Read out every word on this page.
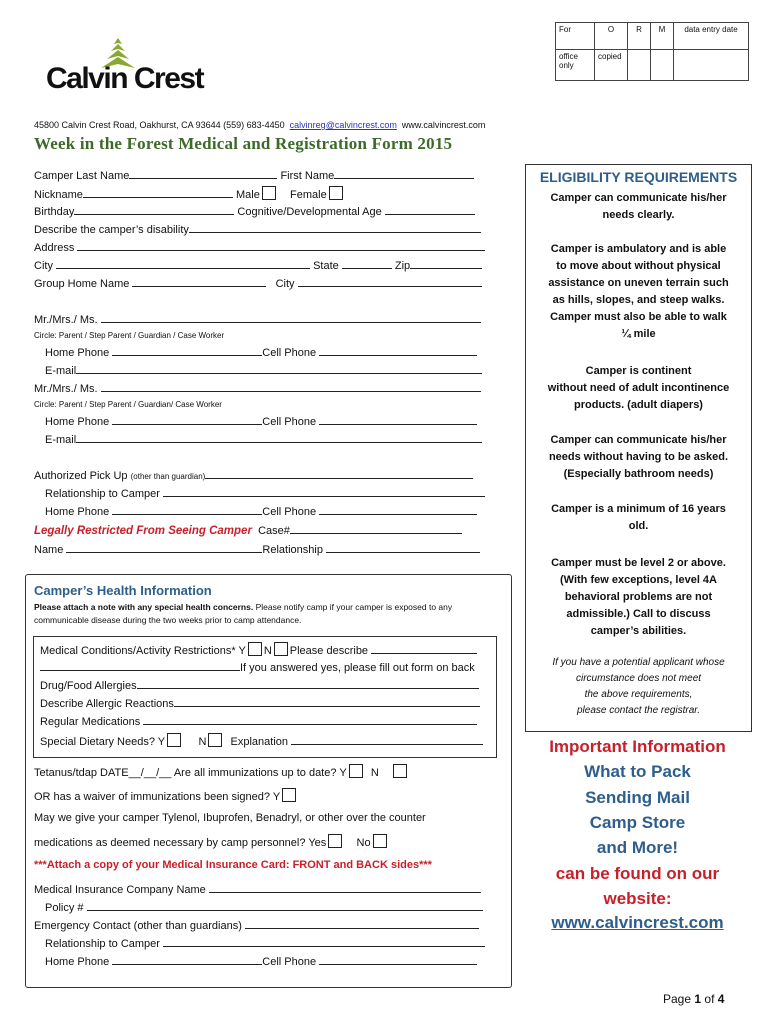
For	O	R	M	data entry date
office only	copied			
Calvin Crest
45800 Calvin Crest Road, Oakhurst, CA 93644 (559) 683-4450 calvinreg@calvincrest.com www.calvincrest.com
Week in the Forest Medical and Registration Form 2015
Camper Last Name	First Name
Nickname	Male	Female
Birthday	Cognitive/Developmental Age
Describe the camper’s disability
Address
City	State	Zip
Group Home Name	City
Mr./Mrs./ Ms.
Circle: Parent / Step Parent / Guardian / Case Worker
Home Phone	Cell Phone
E-mail
Mr./Mrs./ Ms.
Circle: Parent / Step Parent / Guardian/ Case Worker
Home Phone	Cell Phone
E-mail
Authorized Pick Up (other than guardian)
Relationship to Camper
Home Phone	Cell Phone
Legally Restricted From Seeing Camper Case#
Name	Relationship
Camper’s Health Information
Please attach a note with any special health concerns. Please notify camp if your camper is exposed to any
communicable disease during the two weeks prior to camp attendance.
Medical Conditions/Activity Restrictions* Y N Please describe
If you answered yes, please fill out form on back
Drug/Food Allergies
Describe Allergic Reactions
Regular Medications
Special Dietary Needs? Y	N Explanation
Tetanus/tdap DATE__/__/__ Are all immunizations up to date? Y N
OR has a waiver of immunizations been signed? Y
May we give your camper Tylenol, Ibuprofen, Benadryl, or other over the counter
medications as deemed necessary by camp personnel? Yes	No
***Attach a copy of your Medical Insurance Card: FRONT and BACK sides***
Medical Insurance Company Name
Policy #
Emergency Contact (other than guardians)
Relationship to Camper
Home Phone	Cell Phone
ELIGIBILITY REQUIREMENTS
Camper can communicate his/her
needs clearly.
Camper is ambulatory and is able
to move about without physical
assistance on uneven terrain such
as hills, slopes, and steep walks.
Camper must also be able to walk
¼ mile
Camper is continent
without need of adult incontinence
products. (adult diapers)
Camper can communicate his/her
needs without having to be asked.
(Especially bathroom needs)
Camper is a minimum of 16 years
old.
Camper must be level 2 or above.
(With few exceptions, level 4A
behavioral problems are not
admissible.) Call to discuss
camper’s abilities.
If you have a potential applicant whose
circumstance does not meet
the above requirements,
please contact the registrar.
Important Information
What to Pack
Sending Mail
Camp Store
and More!
can be found on our
website:
www.calvincrest.com
Page 1 of 4
